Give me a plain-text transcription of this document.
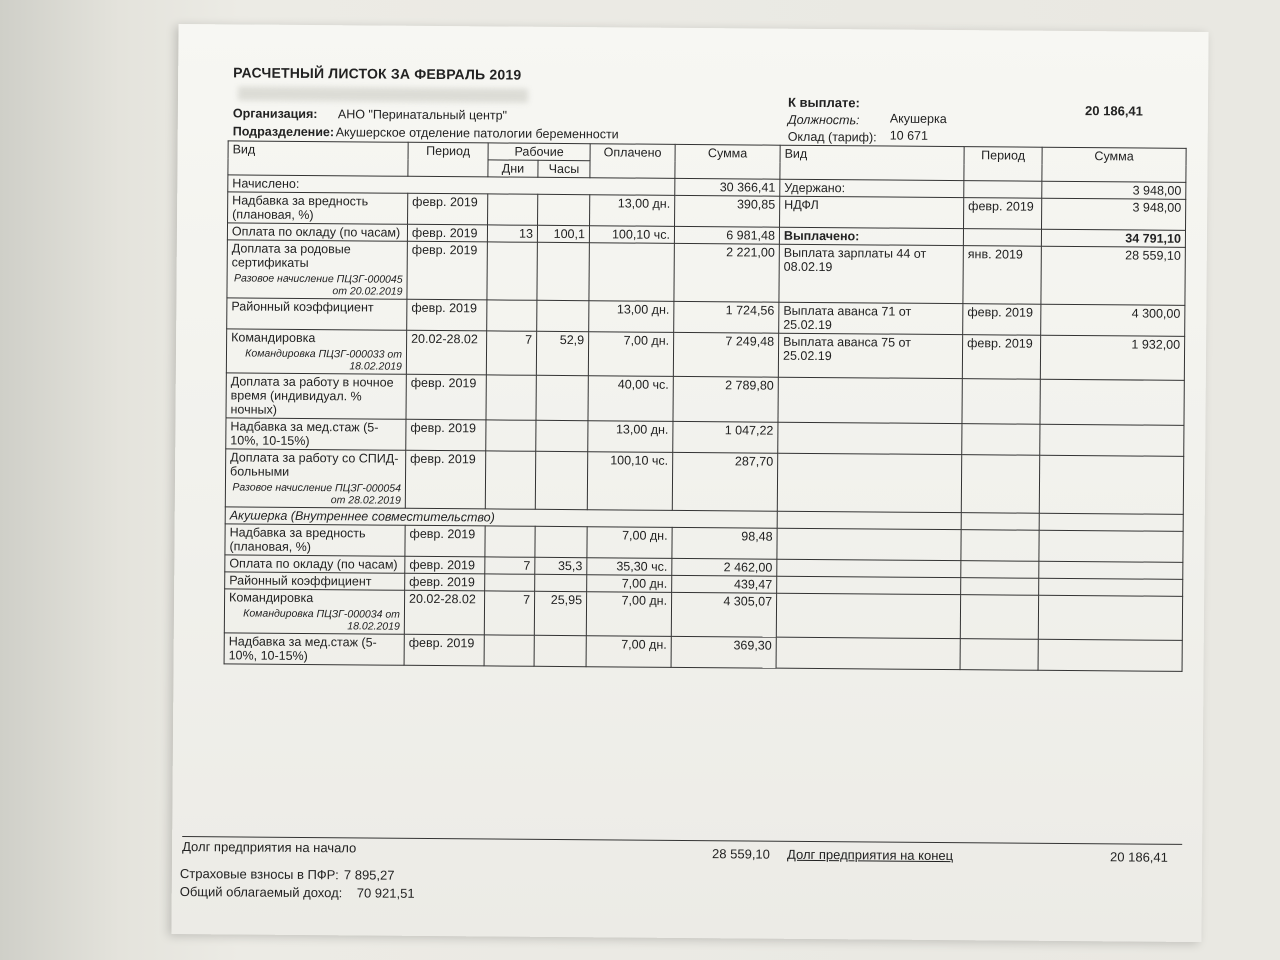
РАСЧЕТНЫЙ ЛИСТОК ЗА ФЕВРАЛЬ 2019
Организация: АНО "Перинатальный центр"
Подразделение: Акушерское отделение патологии беременности
К выплате:
20 186,41
Должность: Акушерка
Оклад (тариф): 10 671
Вид	Период	Рабочие		Оплачено	Сумма	Вид	Период	Сумма
		Дни	Часы					
Начислено:					30 366,41	Удержано:		3 948,00

Надбавка за вредность (плановая, %)	февр. 2019			13,00 дн.	390,85	НДФЛ	февр. 2019	3 948,00

Оплата по окладу (по часам)	февр. 2019	13	100,1	100,10 чс.	6 981,48	Выплачено:		34 791,10

Доплата за родовые сертификаты
Разовое начисление ПЦЗГ-000045 от 20.02.2019	февр. 2019				2 221,00	Выплата зарплаты 44 от 08.02.19	янв. 2019	28 559,10

Районный коэффициент	февр. 2019			13,00 дн.	1 724,56	Выплата аванса 71 от 25.02.19	февр. 2019	4 300,00

Командировка
Командировка ПЦЗГ-000033 от 18.02.2019	20.02-28.02	7	52,9	7,00 дн.	7 249,48	Выплата аванса 75 от 25.02.19	февр. 2019	1 932,00

Доплата за работу в ночное время (индивидуал. % ночных)	февр. 2019			40,00 чс.	2 789,80			

Надбавка за мед.стаж (5-10%, 10-15%)	февр. 2019			13,00 дн.	1 047,22			

Доплата за работу со СПИД-больными
Разовое начисление ПЦЗГ-000054 от 28.02.2019	февр. 2019			100,10 чс.	287,70			
Акушерка (Внутреннее совместительство)								

Надбавка за вредность (плановая, %)	февр. 2019			7,00 дн.	98,48			

Оплата по окладу (по часам)	февр. 2019	7	35,3	35,30 чс.	2 462,00			

Районный коэффициент	февр. 2019			7,00 дн.	439,47			

Командировка
Командировка ПЦЗГ-000034 от 18.02.2019	20.02-28.02	7	25,95	7,00 дн.	4 305,07			

Надбавка за мед.стаж (5-10%, 10-15%)	февр. 2019			7,00 дн.	369,30			
Долг предприятия на начало	28 559,10 Долг предприятия на конец	20 186,41
Страховые взносы в ПФР: 7 895,27
Общий облагаемый доход: 70 921,51
